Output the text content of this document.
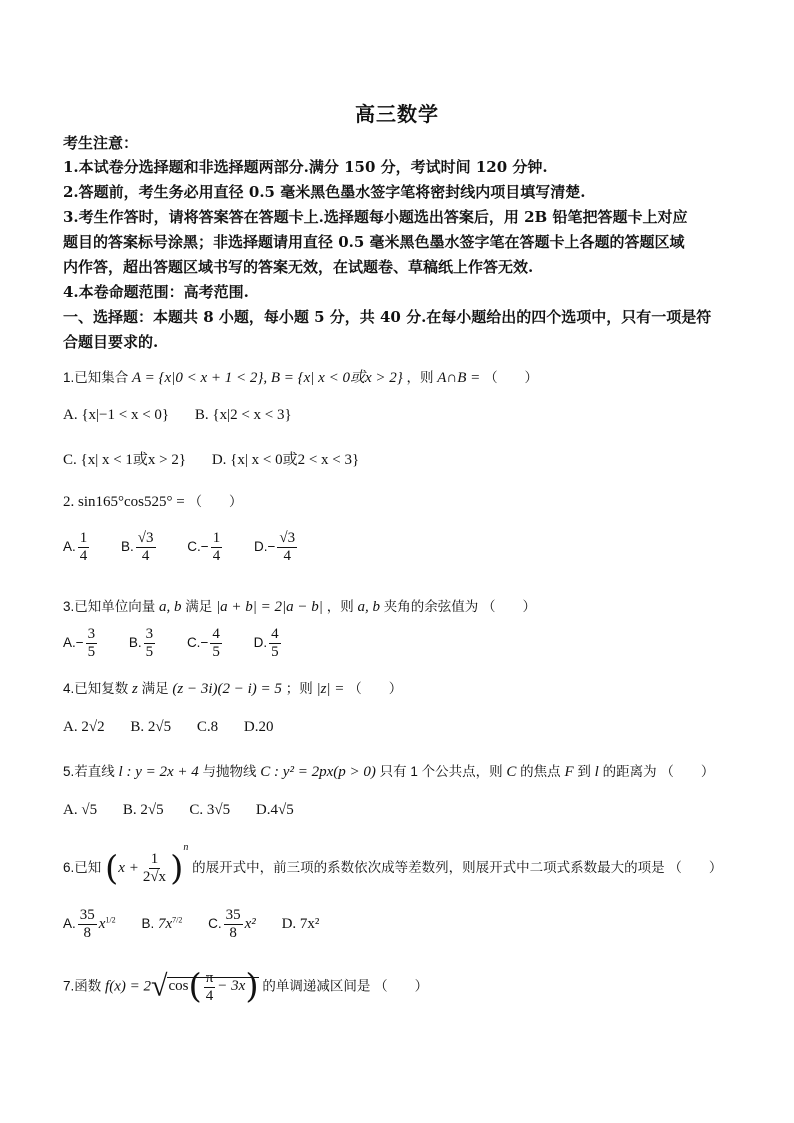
高三数学
考生注意：
1.本试卷分选择题和非选择题两部分.满分 150 分，考试时间 120 分钟.
2.答题前，考生务必用直径 0.5 毫米黑色墨水签字笔将密封线内项目填写清楚.
3.考生作答时，请将答案答在答题卡上.选择题每小题选出答案后，用 2B 铅笔把答题卡上对应
题目的答案标号涂黑；非选择题请用直径 0.5 毫米黑色墨水签字笔在答题卡上各题的答题区域
内作答，超出答题区域书写的答案无效，在试题卷、草稿纸上作答无效.
4.本卷命题范围：高考范围.
一、选择题：本题共 8 小题，每小题 5 分，共 40 分.在每小题给出的四个选项中，只有一项是符
合题目要求的.
1.已知集合 A = {x|0 < x + 1 < 2}, B = {x| x < 0或x > 2} ，则 A∩B = （　　）
A. {x|−1 < x < 0} B. {x|2 < x < 3}
C. {x| x < 1或x > 2} D. {x| x < 0或2 < x < 3}
2. sin165°cos525° = （　　）
A. $\frac{1}{4} B$. $\frac{√3}{4} C.- \frac{1}{4} D.- \frac{√3}{4}$
3.已知单位向量 a, b 满足 |a + b| = 2|a − b| ，则 a, b 夹角的余弦值为 （　　）
$A.- \frac{3}{5} B$. $\frac{3}{5} C.- \frac{4}{5} D$. $\frac{4}{5}$
4.已知复数 z 满足 (z − 3i)(2 − i) = 5 ；则 |z| = （　　）
A. 2√2 B. 2√5 C.8 D.20
5.若直线 l : y = 2x + 4 与抛物线 C : y² = 2px(p > 0) 只有 1 个公共点，则 C 的焦点 F 到 l 的距离为 （　　）
A. √5 B. 2√5 C. 3√5 D.4√5
6.已知 $(x + \frac{1}{2√x} )^n$ 的展开式中，前三项的系数依次成等差数列，则展开式中二项式系数最大的项是 （　　）
A. $\frac{35}{8} x^{1/2}$ B. $7x^{7/2}$ C. $\frac{35}{8} x^2$ D. 7x²
7.函数 $f(x) = 2√\cos( \frac{\pi}{4} - 3x)$ 的单调递减区间是 （　　）
